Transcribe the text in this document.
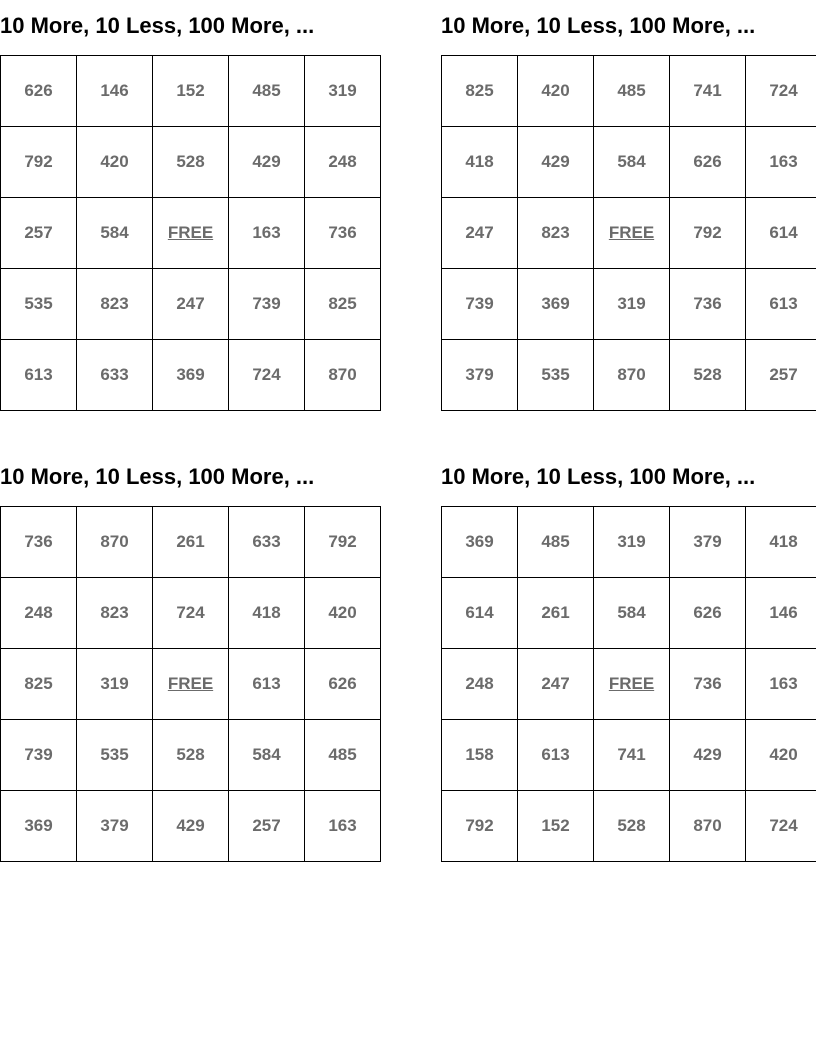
10 More, 10 Less, 100 More, ...
626	146	152	485	319
792	420	528	429	248
257	584	FREE	163	736
535	823	247	739	825
613	633	369	724	870
10 More, 10 Less, 100 More, ...
825	420	485	741	724
418	429	584	626	163
247	823	FREE	792	614
739	369	319	736	613
379	535	870	528	257
10 More, 10 Less, 100 More, ...
736	870	261	633	792
248	823	724	418	420
825	319	FREE	613	626
739	535	528	584	485
369	379	429	257	163
10 More, 10 Less, 100 More, ...
369	485	319	379	418
614	261	584	626	146
248	247	FREE	736	163
158	613	741	429	420
792	152	528	870	724
